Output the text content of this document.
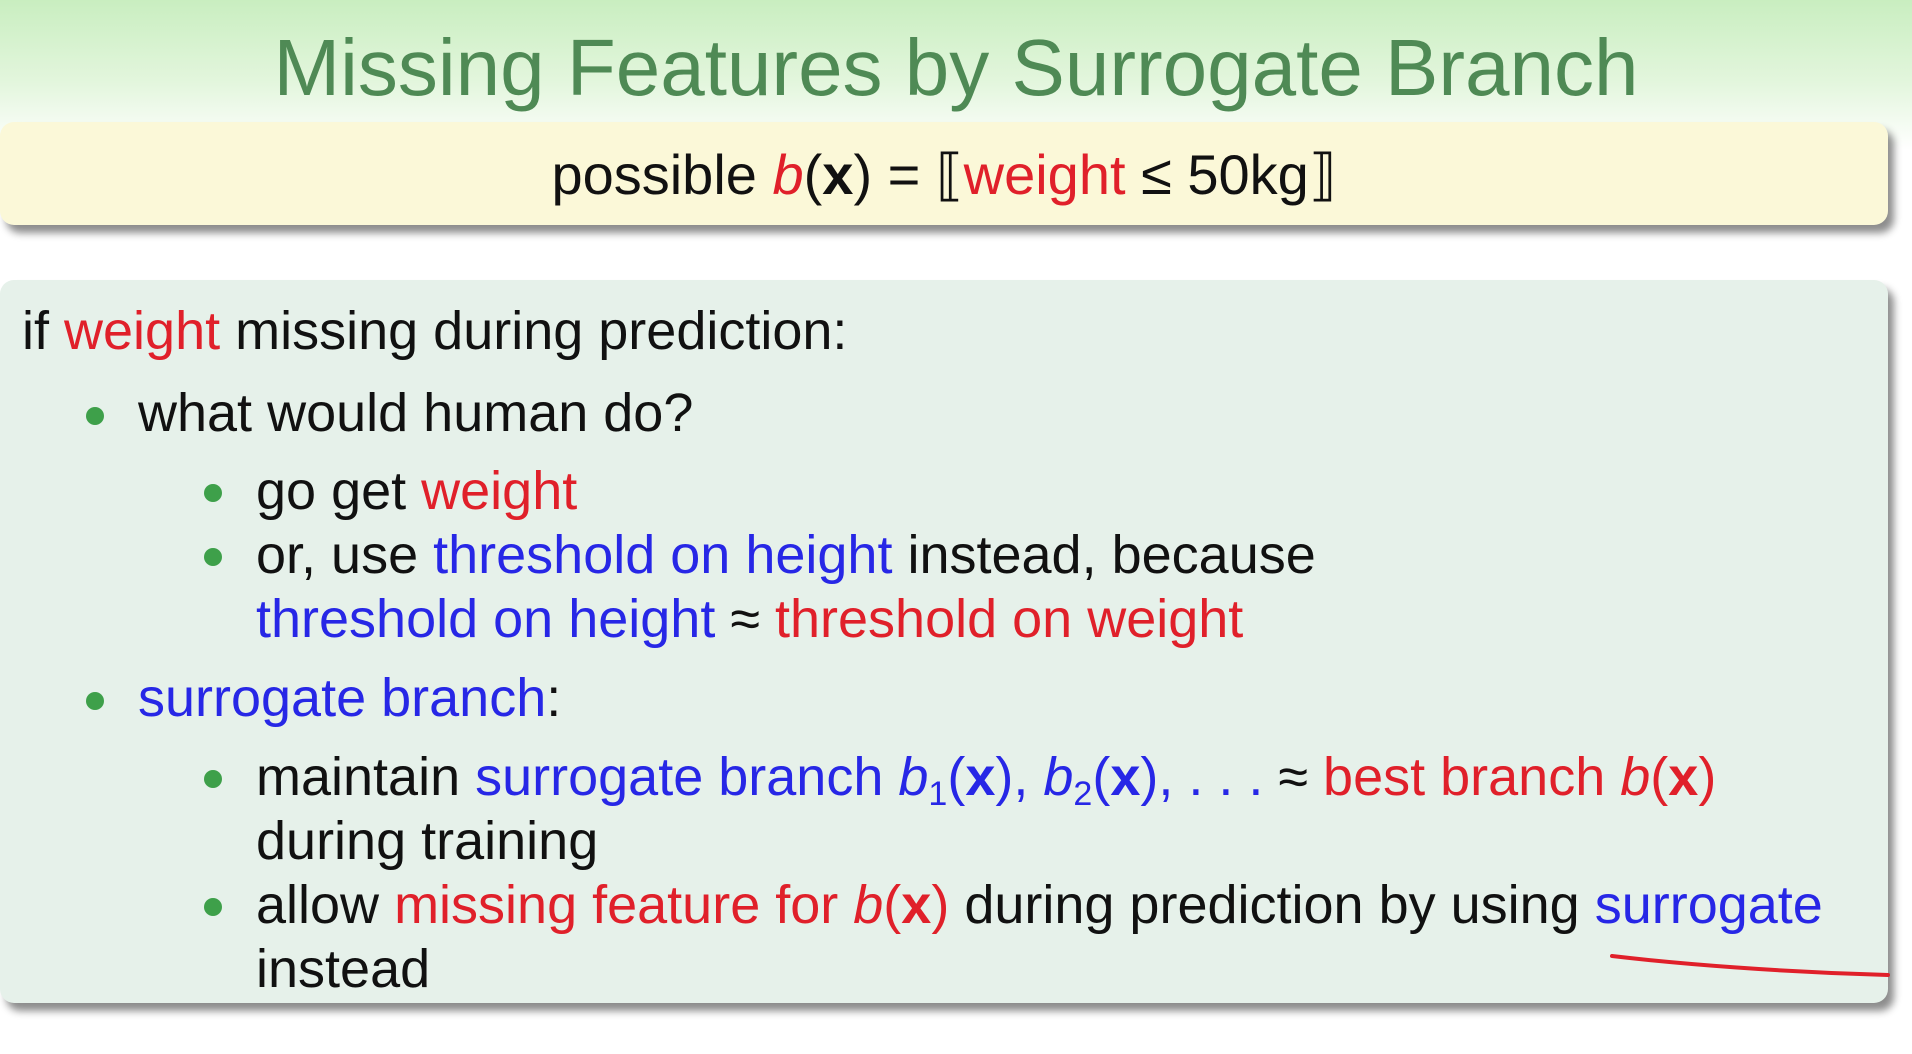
Missing Features by Surrogate Branch
possible b(x) = ⟦weight ≤ 50kg⟧
if weight missing during prediction:
what would human do?
go get weight
or, use threshold on height instead, because
threshold on height ≈ threshold on weight
surrogate branch:
maintain surrogate branch $b_1(x)$, $b_2(x)$, . . . ≈ best branch b(x)
during training
allow missing feature for b(x) during prediction by using surrogate
instead
